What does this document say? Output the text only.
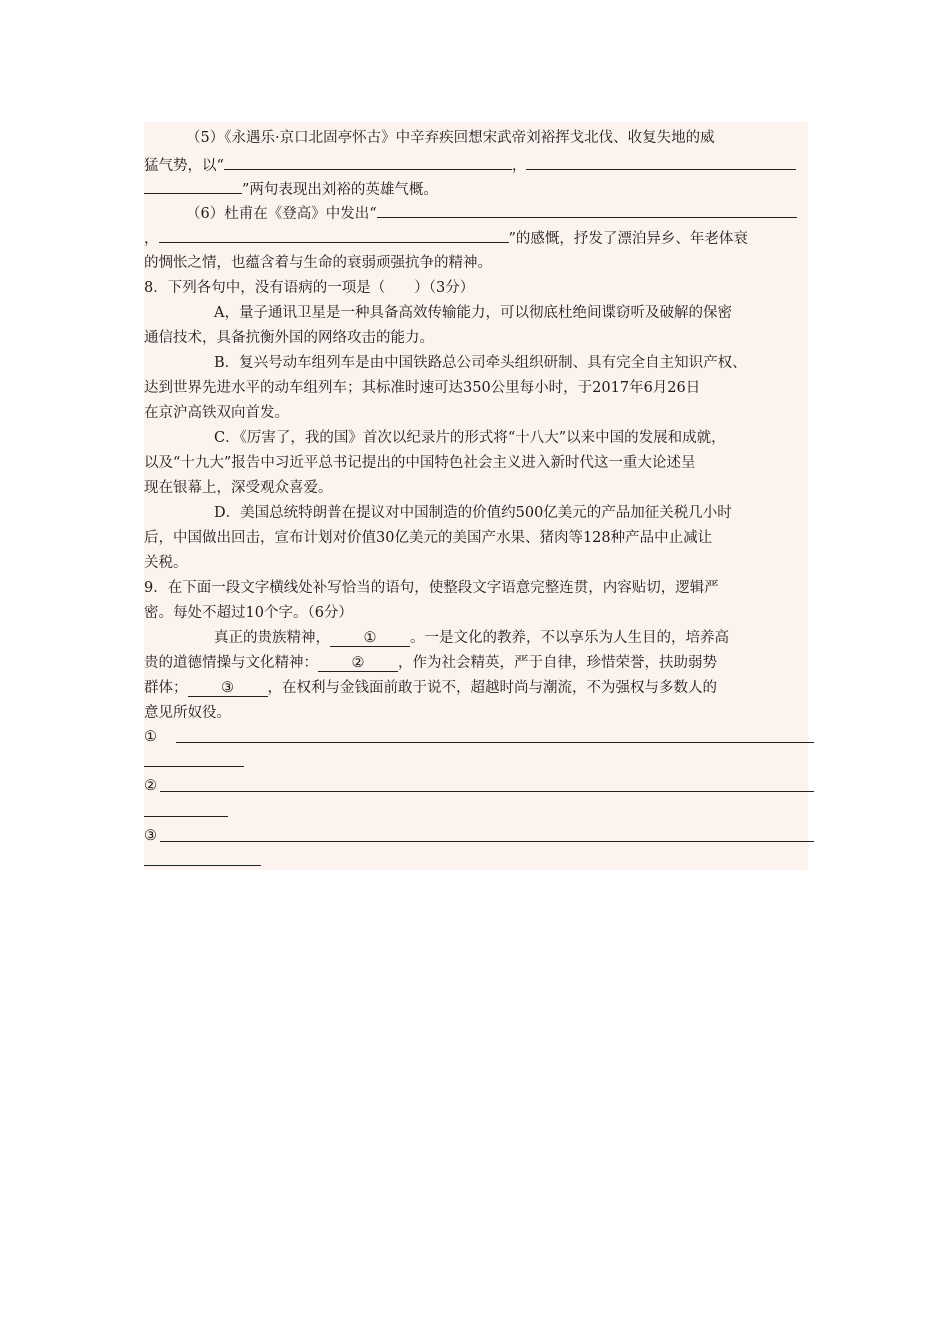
（5）《永遇乐·京口北固亭怀古》中辛弃疾回想宋武帝刘裕挥戈北伐、收复失地的威
猛气势，以“	，
”两句表现出刘裕的英雄气概。
（6）杜甫在《登高》中发出“
，	”的感慨，抒发了漂泊异乡、年老体衰
的惆怅之情，也蕴含着与生命的衰弱顽强抗争的精神。
8．下列各句中，没有语病的一项是（　　）（3分）
A，量子通讯卫星是一种具备高效传输能力，可以彻底杜绝间谍窃听及破解的保密
通信技术，具备抗衡外国的网络攻击的能力。
B．复兴号动车组列车是由中国铁路总公司牵头组织研制、具有完全自主知识产权、
达到世界先进水平的动车组列车；其标准时速可达350公里每小时，于2017年6月26日
在京沪高铁双向首发。
C．《厉害了，我的国》首次以纪录片的形式将“十八大”以来中国的发展和成就，
以及“十九大”报告中习近平总书记提出的中国特色社会主义进入新时代这一重大论述呈
现在银幕上，深受观众喜爱。
D．美国总统特朗普在提议对中国制造的价值约500亿美元的产品加征关税几小时
后，中国做出回击，宣布计划对价值30亿美元的美国产水果、猪肉等128种产品中止减让
关税。
9．在下面一段文字横线处补写恰当的语句，使整段文字语意完整连贯，内容贴切，逻辑严
密。每处不超过10个字。（6分）
真正的贵族精神， ① 。一是文化的教养，不以享乐为人生目的，培养高
贵的道德情操与文化精神： ② ，作为社会精英，严于自律，珍惜荣誉，扶助弱势
群体； ③ ，在权利与金钱面前敢于说不，超越时尚与潮流，不为强权与多数人的
意见所奴役。
①
②
③
